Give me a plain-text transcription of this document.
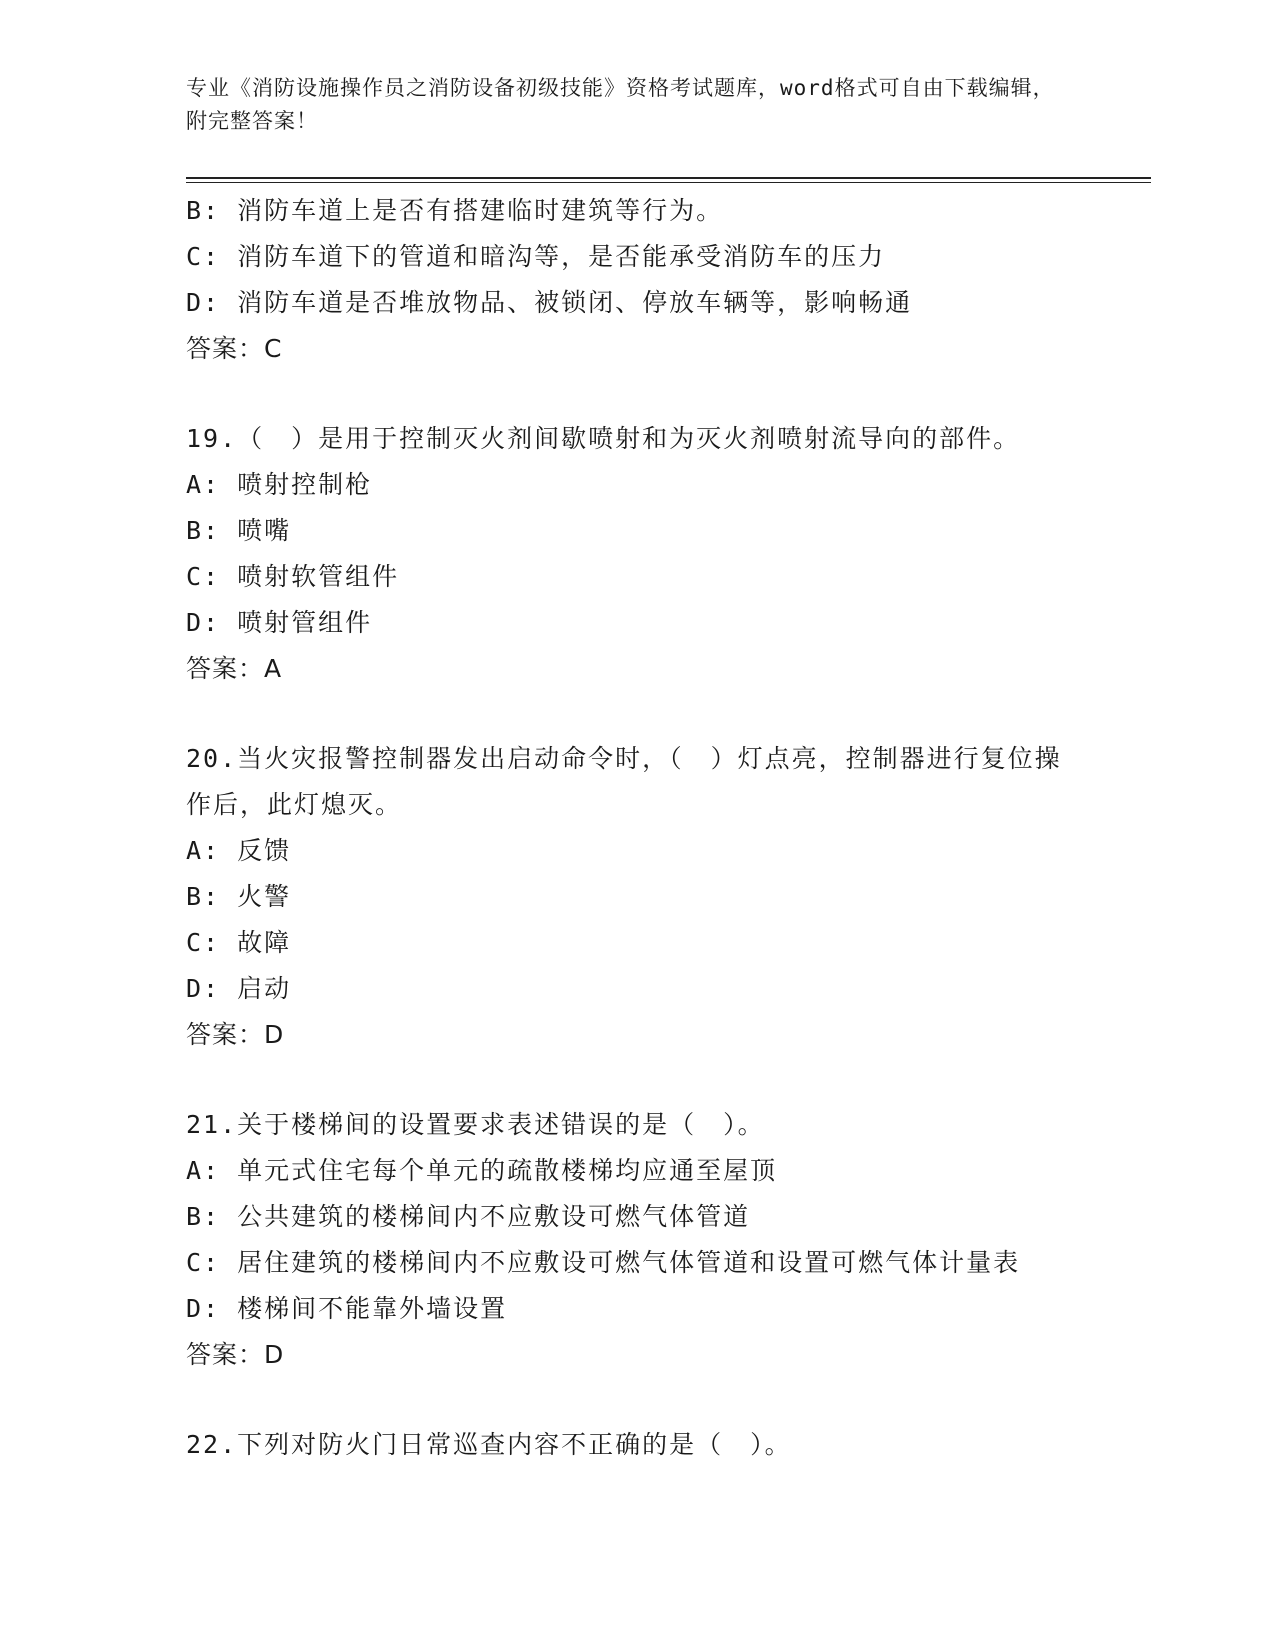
专业《消防设施操作员之消防设备初级技能》资格考试题库，word格式可自由下载编辑，附完整答案！
B: 消防车道上是否有搭建临时建筑等行为。
C: 消防车道下的管道和暗沟等，是否能承受消防车的压力
D: 消防车道是否堆放物品、被锁闭、停放车辆等，影响畅通
答案：C
19.（　）是用于控制灭火剂间歇喷射和为灭火剂喷射流导向的部件。
A: 喷射控制枪
B: 喷嘴
C: 喷射软管组件
D: 喷射管组件
答案：A
20.当火灾报警控制器发出启动命令时，（　）灯点亮，控制器进行复位操作后，此灯熄灭。
A: 反馈
B: 火警
C: 故障
D: 启动
答案：D
21.关于楼梯间的设置要求表述错误的是（　）。
A: 单元式住宅每个单元的疏散楼梯均应通至屋顶
B: 公共建筑的楼梯间内不应敷设可燃气体管道
C: 居住建筑的楼梯间内不应敷设可燃气体管道和设置可燃气体计量表
D: 楼梯间不能靠外墙设置
答案：D
22.下列对防火门日常巡查内容不正确的是（　）。
